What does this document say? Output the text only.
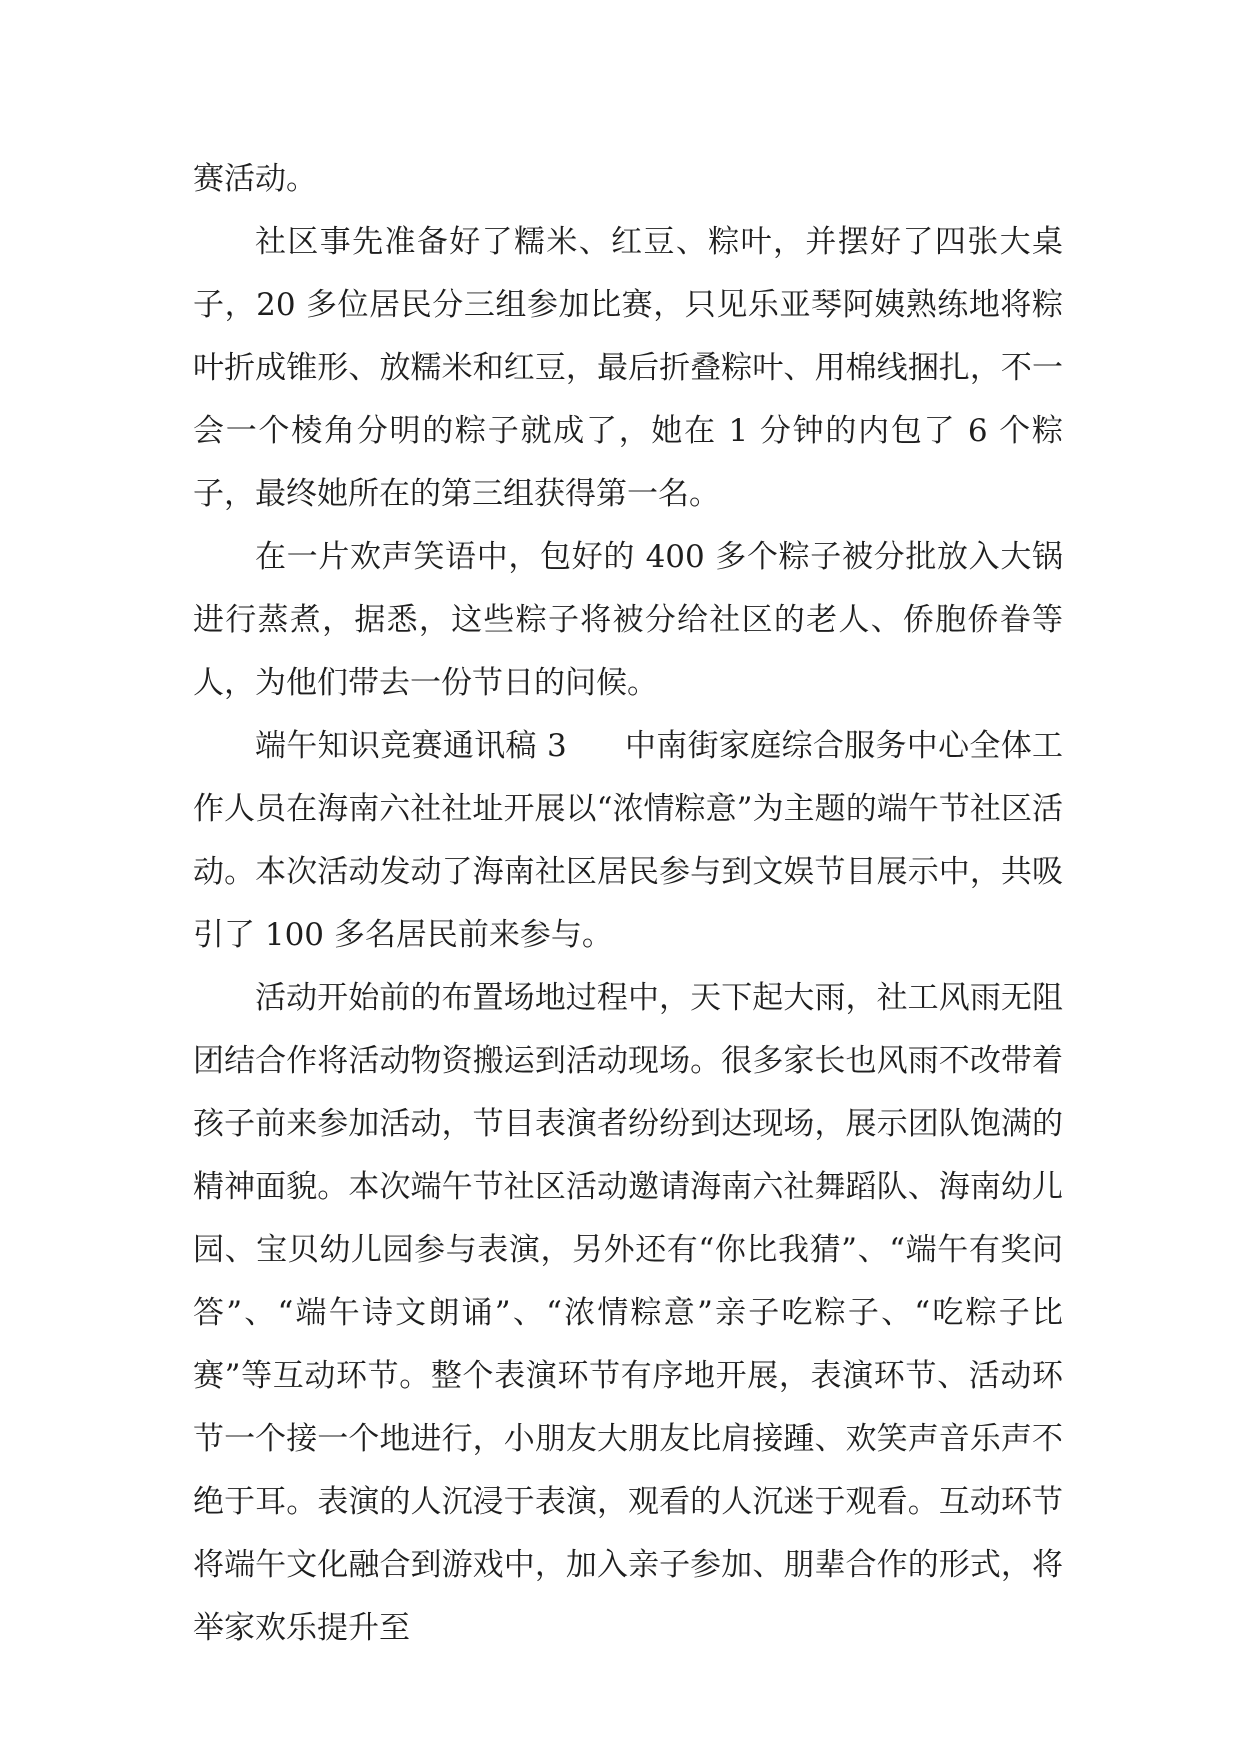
赛活动。

社区事先准备好了糯米、红豆、粽叶，并摆好了四张大桌子，20 多位居民分三组参加比赛，只见乐亚琴阿姨熟练地将粽叶折成锥形、放糯米和红豆，最后折叠粽叶、用棉线捆扎，不一会一个棱角分明的粽子就成了，她在 1 分钟的内包了 6 个粽子，最终她所在的第三组获得第一名。

在一片欢声笑语中，包好的 400 多个粽子被分批放入大锅进行蒸煮，据悉，这些粽子将被分给社区的老人、侨胞侨眷等人，为他们带去一份节日的问候。

端午知识竞赛通讯稿 3 中南街家庭综合服务中心全体工作人员在海南六社社址开展以“浓情粽意”为主题的端午节社区活动。本次活动发动了海南社区居民参与到文娱节目展示中，共吸引了 100 多名居民前来参与。

活动开始前的布置场地过程中，天下起大雨，社工风雨无阻团结合作将活动物资搬运到活动现场。很多家长也风雨不改带着孩子前来参加活动，节目表演者纷纷到达现场，展示团队饱满的精神面貌。本次端午节社区活动邀请海南六社舞蹈队、海南幼儿园、宝贝幼儿园参与表演，另外还有“你比我猜”、“端午有奖问答”、“端午诗文朗诵”、“浓情粽意”亲子吃粽子、“吃粽子比赛”等互动环节。整个表演环节有序地开展，表演环节、活动环节一个接一个地进行，小朋友大朋友比肩接踵、欢笑声音乐声不绝于耳。表演的人沉浸于表演，观看的人沉迷于观看。互动环节将端午文化融合到游戏中，加入亲子参加、朋辈合作的形式，将举家欢乐提升至
